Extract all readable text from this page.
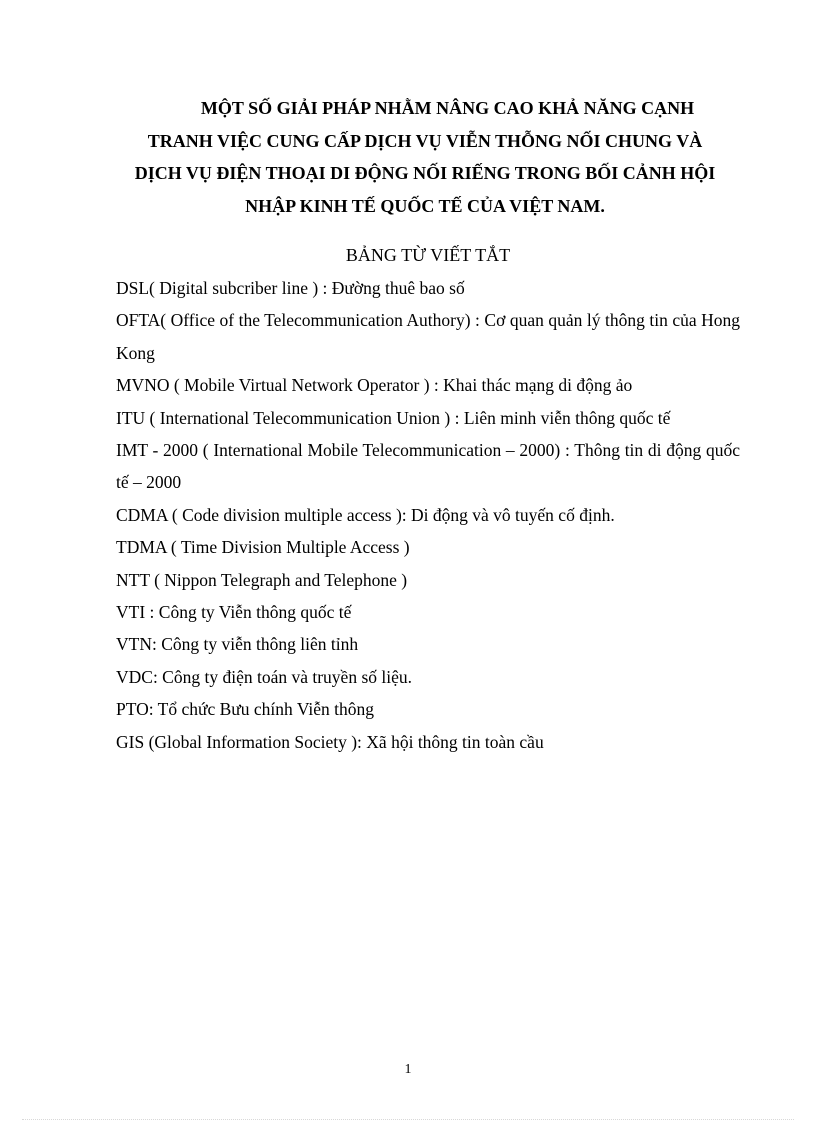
MỘT SỐ GIẢI PHÁP NHẰM NÂNG CAO KHẢ NĂNG CẠNH
TRANH VIỆC CUNG CẤP DỊCH VỤ VIỄN THỖNG NỐI CHUNG VÀ
DỊCH VỤ ĐIỆN THOẠI DI ĐỘNG NỐI RIẾNG TRONG BỐI CẢNH HỘI
NHẬP KINH TẾ QUỐC TẾ CỦA VIỆT NAM.
BẢNG TỪ VIẾT TẮT
DSL( Digital subcriber line ) : Đường thuê bao số
OFTA( Office of the Telecommunication Authory) : Cơ quan quản lý thông tin của Hong Kong
MVNO ( Mobile Virtual Network Operator ) : Khai thác mạng di động ảo
ITU ( International Telecommunication Union ) : Liên minh viễn thông quốc tế
IMT - 2000 ( International Mobile Telecommunication – 2000) : Thông tin di động quốc tế – 2000
CDMA ( Code division multiple access ): Di động và vô tuyến cố định.
TDMA ( Time Division Multiple Access )
NTT ( Nippon Telegraph and Telephone )
VTI : Công ty Viễn thông quốc tế
VTN: Công ty viễn thông liên tỉnh
VDC: Công ty điện toán và truyền số liệu.
PTO: Tổ chức Bưu chính Viễn thông
GIS (Global Information Society ): Xã hội thông tin toàn cầu
1
